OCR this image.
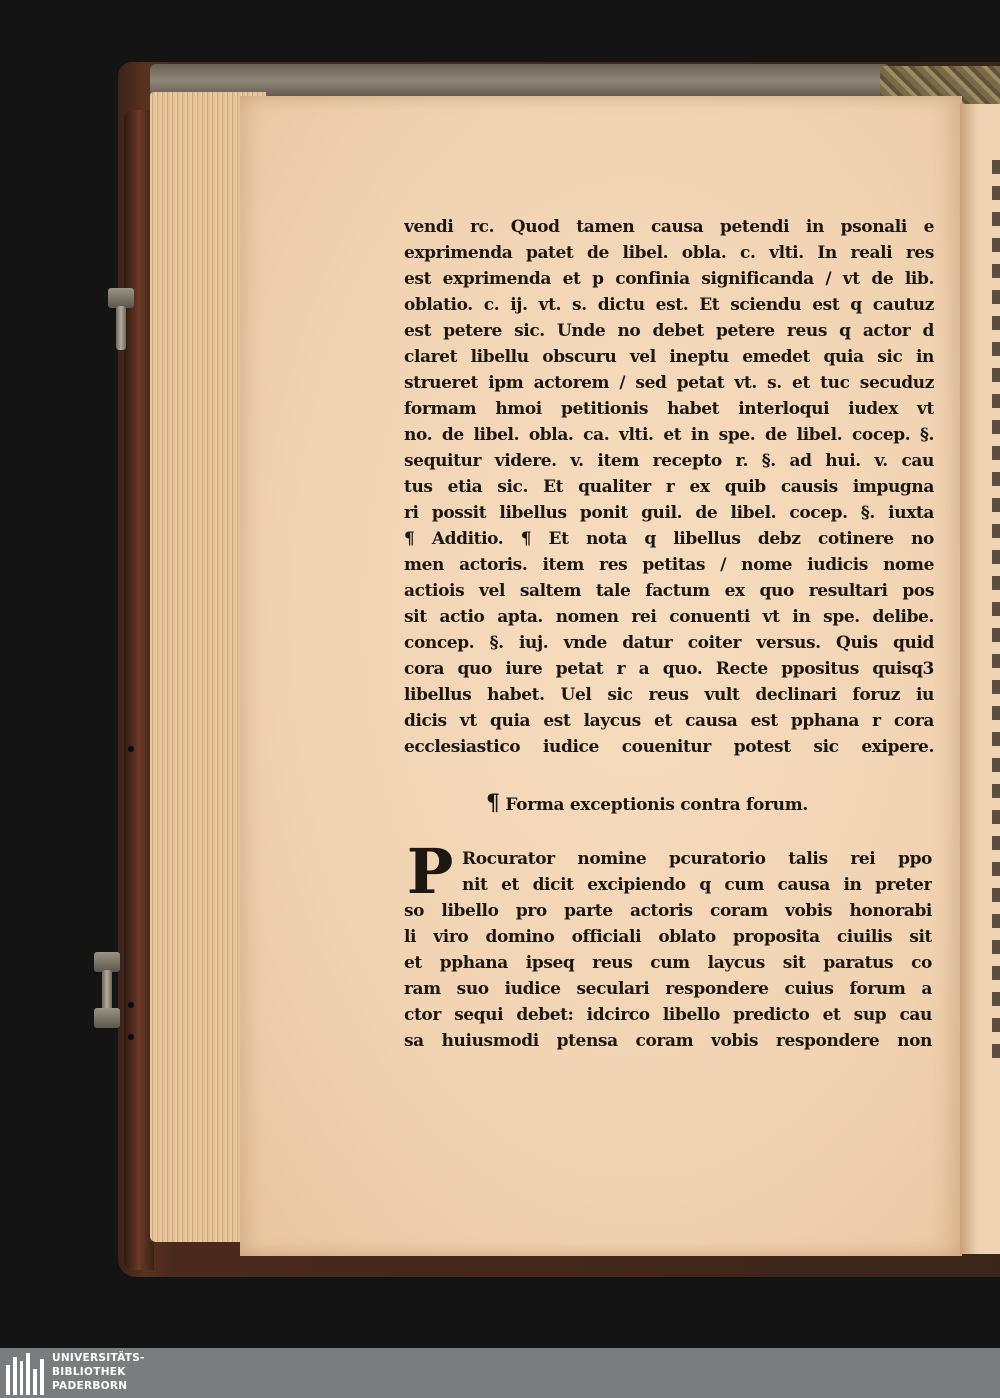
vendi rc. Quod tamen causa petendi in psonali e
exprimenda patet de libel. obla. c. vlti. In reali res
est exprimenda et p confinia significanda / vt de lib.
oblatio. c. ij. vt. s. dictu est. Et sciendu est q cautuz
est petere sic. Unde no debet petere reus q actor d
claret libellu obscuru vel ineptu emedet quia sic in
strueret ipm actorem / sed petat vt. s. et tuc secuduz
formam hmoi petitionis habet interloqui iudex vt
no. de libel. obla. ca. vlti. et in spe. de libel. cocep. §.
sequitur videre. v. item recepto r. §. ad hui. v. cau
tus etia sic. Et qualiter r ex quib causis impugna
ri possit libellus ponit guil. de libel. cocep. §. iuxta
¶ Additio. ¶ Et nota q libellus debz cotinere no
men actoris. item res petitas / nome iudicis nome
actiois vel saltem tale factum ex quo resultari pos
sit actio apta. nomen rei conuenti vt in spe. delibe.
concep. §. iuj. vnde datur coiter versus. Quis quid
cora quo iure petat r a quo. Recte ppositus quisq3
libellus habet. Uel sic reus vult declinari foruz iu
dicis vt quia est laycus et causa est pphana r cora
ecclesiastico iudice couenitur potest sic exipere.
¶ Forma exceptionis contra forum.
P Rocurator nomine pcuratorio talis rei ppo
nit et dicit excipiendo q cum causa in preter
so libello pro parte actoris coram vobis honorabi
li viro domino officiali oblato proposita ciuilis sit
et pphana ipseq reus cum laycus sit paratus co
ram suo iudice seculari respondere cuius forum a
ctor sequi debet: idcirco libello predicto et sup cau
sa huiusmodi ptensa coram vobis respondere non
UNIVERSITÄTS-
BIBLIOTHEK
PADERBORN
